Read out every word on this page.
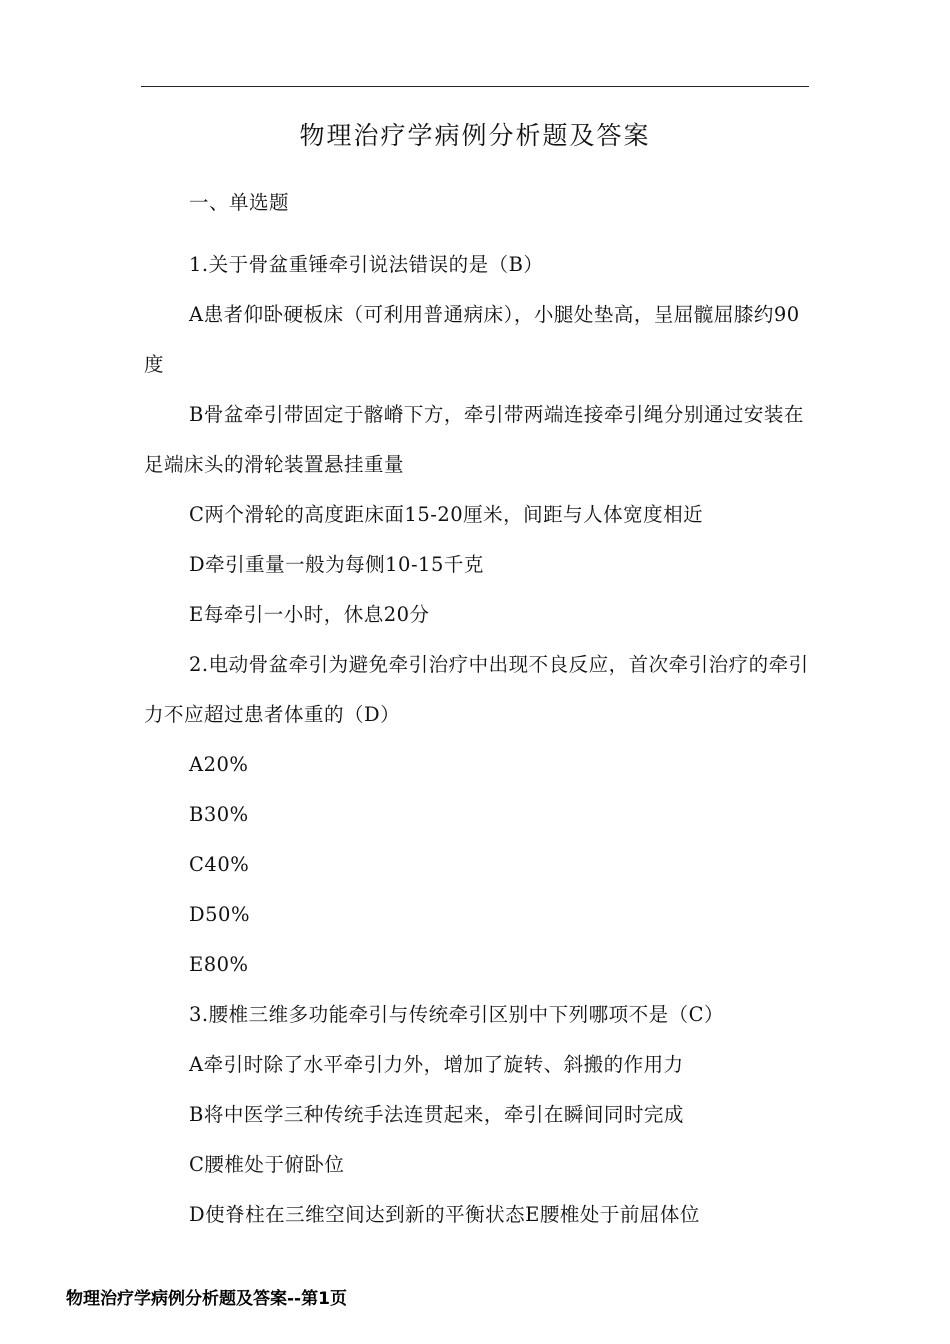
物理治疗学病例分析题及答案

一、单选题

1.关于骨盆重锤牵引说法错误的是（B）

A患者仰卧硬板床（可利用普通病床），小腿处垫高，呈屈髋屈膝约90度

B骨盆牵引带固定于髂嵴下方，牵引带两端连接牵引绳分别通过安装在足端床头的滑轮装置悬挂重量

C两个滑轮的高度距床面15-20厘米，间距与人体宽度相近

D牵引重量一般为每侧10-15千克

E每牵引一小时，休息20分

2.电动骨盆牵引为避免牵引治疗中出现不良反应，首次牵引治疗的牵引力不应超过患者体重的（D）

A20%

B30%

C40%

D50%

E80%

3.腰椎三维多功能牵引与传统牵引区别中下列哪项不是（C）

A牵引时除了水平牵引力外，增加了旋转、斜搬的作用力

B将中医学三种传统手法连贯起来，牵引在瞬间同时完成

C腰椎处于俯卧位

D使脊柱在三维空间达到新的平衡状态E腰椎处于前屈体位

物理治疗学病例分析题及答案--第1页
